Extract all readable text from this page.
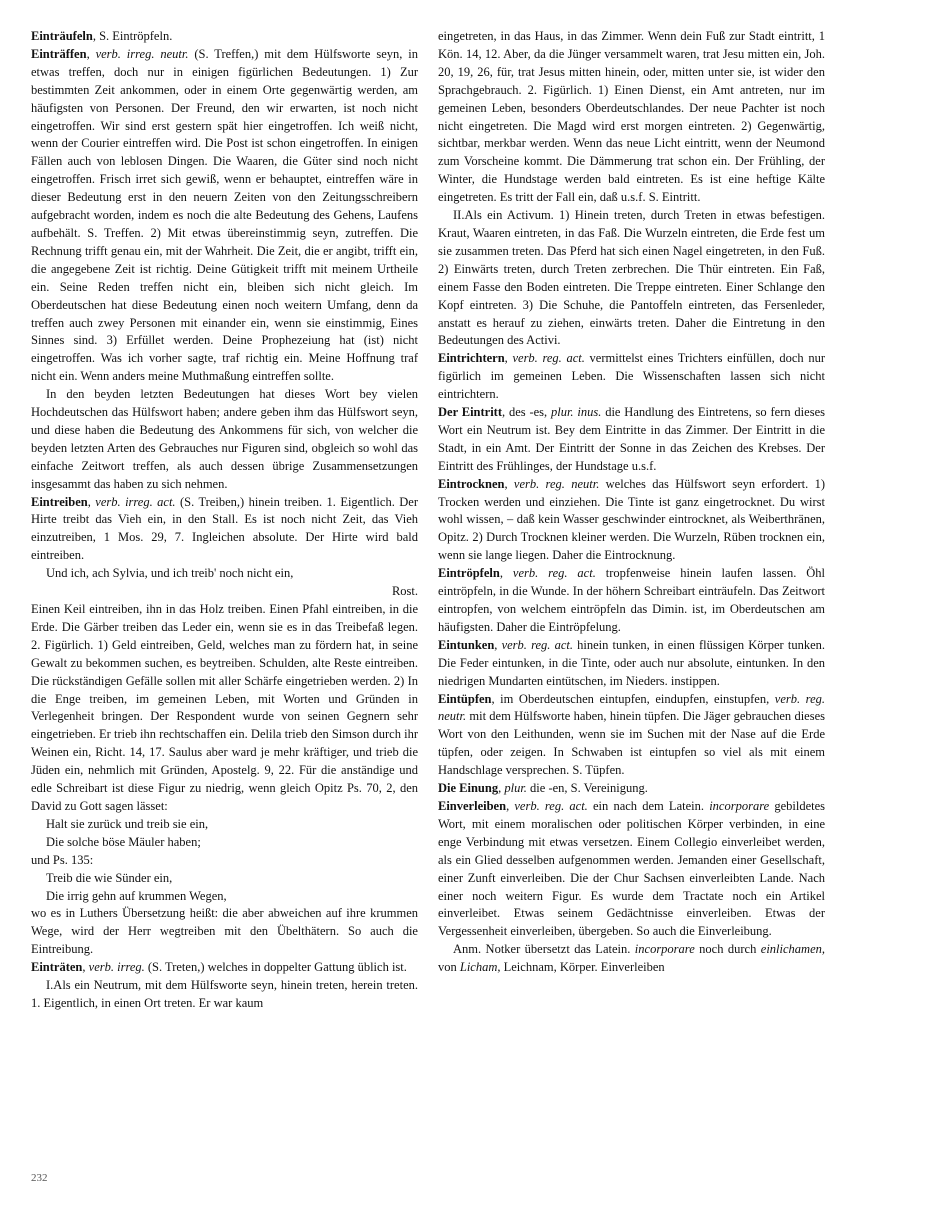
Einträufeln, S. Eintröpfeln.

Einträffen, verb. irreg. neutr. (S. Treffen,) mit dem Hülfsworte seyn, in etwas treffen, doch nur in einigen figürlichen Bedeutungen. 1) Zur bestimmten Zeit ankommen, oder in einem Orte gegenwärtig werden, am häufigsten von Personen. Der Freund, den wir erwarten, ist noch nicht eingetroffen. Wir sind erst gestern spät hier eingetroffen. Ich weiß nicht, wenn der Courier eintreffen wird. Die Post ist schon eingetroffen. In einigen Fällen auch von leblosen Dingen. Die Waaren, die Güter sind noch nicht eingetroffen. Frisch irret sich gewiß, wenn er behauptet, eintreffen wäre in dieser Bedeutung erst in den neuern Zeiten von den Zeitungsschreibern aufgebracht worden, indem es noch die alte Bedeutung des Gehens, Laufens aufbehält. S. Treffen. 2) Mit etwas übereinstimmig seyn, zutreffen. Die Rechnung trifft genau ein, mit der Wahrheit. Die Zeit, die er angibt, trifft ein, die angegebene Zeit ist richtig. Deine Gütigkeit trifft mit meinem Urtheile ein. Seine Reden treffen nicht ein, bleiben sich nicht gleich. Im Oberdeutschen hat diese Bedeutung einen noch weitern Umfang, denn da treffen auch zwey Personen mit einander ein, wenn sie einstimmig, Eines Sinnes sind. 3) Erfüllet werden. Deine Prophezeiung hat (ist) nicht eingetroffen. Was ich vorher sagte, traf richtig ein. Meine Hoffnung traf nicht ein. Wenn anders meine Muthmaßung eintreffen sollte.

In den beyden letzten Bedeutungen hat dieses Wort bey vielen Hochdeutschen das Hülfswort haben; andere geben ihm das Hülfswort seyn, und diese haben die Bedeutung des Ankommens für sich, von welcher die beyden letzten Arten des Gebrauches nur Figuren sind, obgleich so wohl das einfache Zeitwort treffen, als auch dessen übrige Zusammensetzungen insgesammt das haben zu sich nehmen.

Eintreiben, verb. irreg. act. (S. Treiben,) hinein treiben. 1. Eigentlich. Der Hirte treibt das Vieh ein, in den Stall. Es ist noch nicht Zeit, das Vieh einzutreiben, 1 Mos. 29, 7. Ingleichen absolute. Der Hirte wird bald eintreiben.

Und ich, ach Sylvia, und ich treib' noch nicht ein,

Rost.

Einen Keil eintreiben, ihn in das Holz treiben. Einen Pfahl eintreiben, in die Erde. Die Gärber treiben das Leder ein, wenn sie es in das Treibefaß legen. 2. Figürlich. 1) Geld eintreiben, Geld, welches man zu fördern hat, in seine Gewalt zu bekommen suchen, es beytreiben. Schulden, alte Reste eintreiben. Die rückständigen Gefälle sollen mit aller Schärfe eingetrieben werden. 2) In die Enge treiben, im gemeinen Leben, mit Worten und Gründen in Verlegenheit bringen. Der Respondent wurde von seinen Gegnern sehr eingetrieben. Er trieb ihn rechtschaffen ein. Delila trieb den Simson durch ihr Weinen ein, Richt. 14, 17. Saulus aber ward je mehr kräftiger, und trieb die Jüden ein, nehmlich mit Gründen, Apostelg. 9, 22. Für die anständige und edle Schreibart ist diese Figur zu niedrig, wenn gleich Opitz Ps. 70, 2, den David zu Gott sagen lässet:

Halt sie zurück und treib sie ein,

Die solche böse Mäuler haben;

und Ps. 135:

Treib die wie Sünder ein,

Die irrig gehn auf krummen Wegen,

wo es in Luthers Übersetzung heißt: die aber abweichen auf ihre krummen Wege, wird der Herr wegtreiben mit den Übelthätern. So auch die Eintreibung.

Einträten, verb. irreg. (S. Treten,) welches in doppelter Gattung üblich ist.

I.Als ein Neutrum, mit dem Hülfsworte seyn, hinein treten, herein treten. 1. Eigentlich, in einen Ort treten. Er war kaum

eingetreten, in das Haus, in das Zimmer. Wenn dein Fuß zur Stadt eintritt, 1 Kön. 14, 12. Aber, da die Jünger versammelt waren, trat Jesu mitten ein, Joh. 20, 19, 26, für, trat Jesus mitten hinein, oder, mitten unter sie, ist wider den Sprachgebrauch. 2. Figürlich. 1) Einen Dienst, ein Amt antreten, nur im gemeinen Leben, besonders Oberdeutschlandes. Der neue Pachter ist noch nicht eingetreten. Die Magd wird erst morgen eintreten. 2) Gegenwärtig, sichtbar, merkbar werden. Wenn das neue Licht eintritt, wenn der Neumond zum Vorscheine kommt. Die Dämmerung trat schon ein. Der Frühling, der Winter, die Hundstage werden bald eintreten. Es ist eine heftige Kälte eingetreten. Es tritt der Fall ein, daß u.s.f. S. Eintritt.

II.Als ein Activum. 1) Hinein treten, durch Treten in etwas befestigen. Kraut, Waaren eintreten, in das Faß. Die Wurzeln eintreten, die Erde fest um sie zusammen treten. Das Pferd hat sich einen Nagel eingetreten, in den Fuß. 2) Einwärts treten, durch Treten zerbrechen. Die Thür eintreten. Ein Faß, einem Fasse den Boden eintreten. Die Treppe eintreten. Einer Schlange den Kopf eintreten. 3) Die Schuhe, die Pantoffeln eintreten, das Fersenleder, anstatt es herauf zu ziehen, einwärts treten. Daher die Eintretung in den Bedeutungen des Activi.

Eintrichtern, verb. reg. act. vermittelst eines Trichters einfüllen, doch nur figürlich im gemeinen Leben. Die Wissenschaften lassen sich nicht eintrichtern.

Der Eintritt, des -es, plur. inus. die Handlung des Eintretens, so fern dieses Wort ein Neutrum ist. Bey dem Eintritte in das Zimmer. Der Eintritt in die Stadt, in ein Amt. Der Eintritt der Sonne in das Zeichen des Krebses. Der Eintritt des Frühlinges, der Hundstage u.s.f.

Eintrocknen, verb. reg. neutr. welches das Hülfswort seyn erfordert. 1) Trocken werden und einziehen. Die Tinte ist ganz eingetrocknet. Du wirst wohl wissen, – daß kein Wasser geschwinder eintrocknet, als Weiberthränen, Opitz. 2) Durch Trocknen kleiner werden. Die Wurzeln, Rüben trocknen ein, wenn sie lange liegen. Daher die Eintrocknung.

Eintröpfeln, verb. reg. act. tropfenweise hinein laufen lassen. Öhl eintröpfeln, in die Wunde. In der höhern Schreibart einträufeln. Das Zeitwort eintropfen, von welchem eintröpfeln das Dimin. ist, im Oberdeutschen am häufigsten. Daher die Eintröpfelung.

Eintunken, verb. reg. act. hinein tunken, in einen flüssigen Körper tunken. Die Feder eintunken, in die Tinte, oder auch nur absolute, eintunken. In den niedrigen Mundarten eintütschen, im Nieders. instippen.

Eintüpfen, im Oberdeutschen eintupfen, eindupfen, einstupfen, verb. reg. neutr. mit dem Hülfsworte haben, hinein tüpfen. Die Jäger gebrauchen dieses Wort von den Leithunden, wenn sie im Suchen mit der Nase auf die Erde tüpfen, oder zeigen. In Schwaben ist eintupfen so viel als mit einem Handschlage versprechen. S. Tüpfen.

Die Einung, plur. die -en, S. Vereinigung.

Einverleiben, verb. reg. act. ein nach dem Latein. incorporare gebildetes Wort, mit einem moralischen oder politischen Körper verbinden, in eine enge Verbindung mit etwas versetzen. Einem Collegio einverleibet werden, als ein Glied desselben aufgenommen werden. Jemanden einer Gesellschaft, einer Zunft einverleiben. Die der Chur Sachsen einverleibten Lande. Nach einer noch weitern Figur. Es wurde dem Tractate noch ein Artikel einverleibet. Etwas seinem Gedächtnisse einverleiben. Etwas der Vergessenheit einverleiben, übergeben. So auch die Einverleibung.

Anm. Notker übersetzt das Latein. incorporare noch durch einlichamen, von Licham, Leichnam, Körper. Einverleiben

232
